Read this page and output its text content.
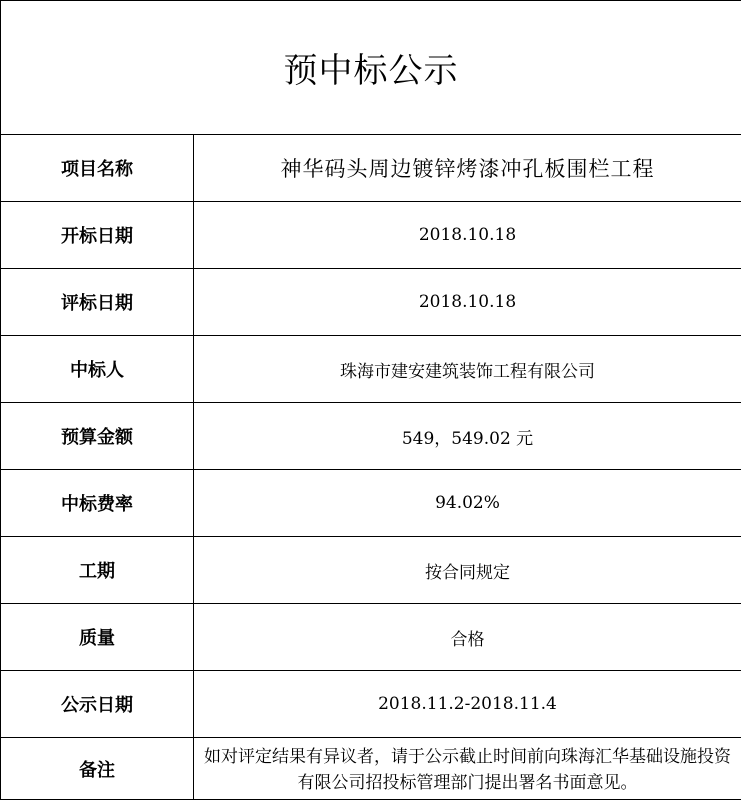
预中标公示	
项目名称	神华码头周边镀锌烤漆冲孔板围栏工程
开标日期	2018.10.18
评标日期	2018.10.18
中标人	珠海市建安建筑装饰工程有限公司
预算金额	549，549.02 元
中标费率	94.02%
工期	按合同规定
质量	合格
公示日期	2018.11.2-2018.11.4
备注	如对评定结果有异议者，请于公示截止时间前向珠海汇华基础设施投资有限公司招投标管理部门提出署名书面意见。
